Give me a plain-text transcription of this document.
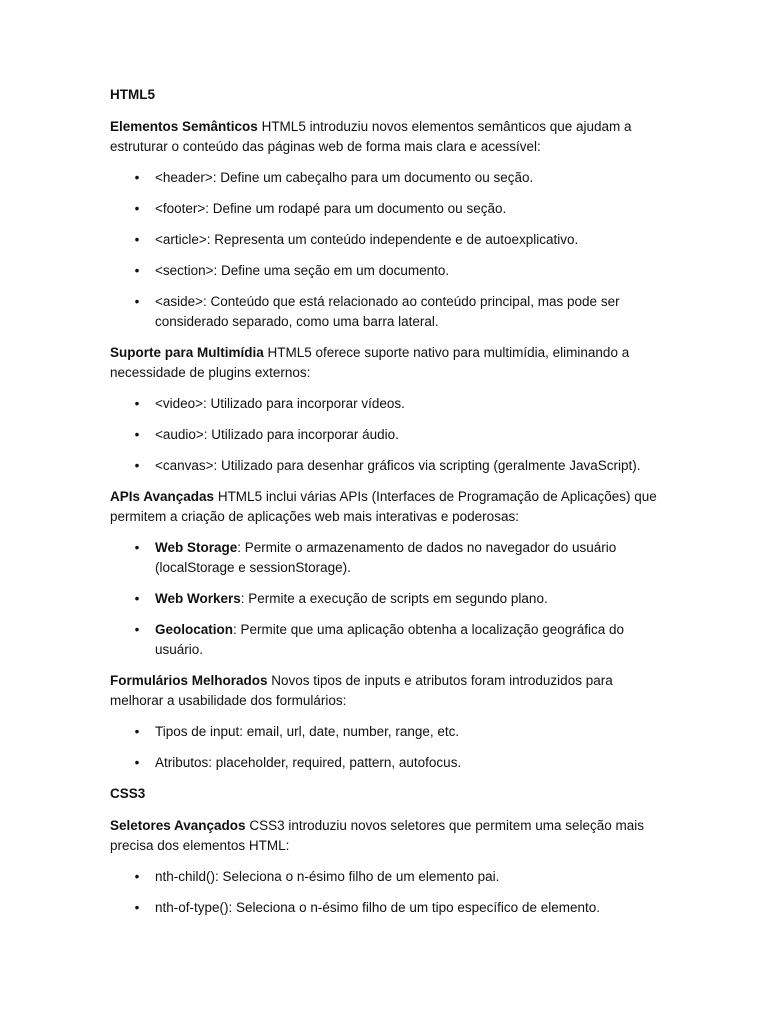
HTML5

Elementos Semânticos HTML5 introduziu novos elementos semânticos que ajudam a estruturar o conteúdo das páginas web de forma mais clara e acessível:

• <header>: Define um cabeçalho para um documento ou seção.
• <footer>: Define um rodapé para um documento ou seção.
• <article>: Representa um conteúdo independente e de autoexplicativo.
• <section>: Define uma seção em um documento.
• <aside>: Conteúdo que está relacionado ao conteúdo principal, mas pode ser considerado separado, como uma barra lateral.

Suporte para Multimídia HTML5 oferece suporte nativo para multimídia, eliminando a necessidade de plugins externos:

• <video>: Utilizado para incorporar vídeos.
• <audio>: Utilizado para incorporar áudio.
• <canvas>: Utilizado para desenhar gráficos via scripting (geralmente JavaScript).

APIs Avançadas HTML5 inclui várias APIs (Interfaces de Programação de Aplicações) que permitem a criação de aplicações web mais interativas e poderosas:

• Web Storage: Permite o armazenamento de dados no navegador do usuário (localStorage e sessionStorage).
• Web Workers: Permite a execução de scripts em segundo plano.
• Geolocation: Permite que uma aplicação obtenha a localização geográfica do usuário.

Formulários Melhorados Novos tipos de inputs e atributos foram introduzidos para melhorar a usabilidade dos formulários:

• Tipos de input: email, url, date, number, range, etc.
• Atributos: placeholder, required, pattern, autofocus.

CSS3

Seletores Avançados CSS3 introduziu novos seletores que permitem uma seleção mais precisa dos elementos HTML:

• nth-child(): Seleciona o n-ésimo filho de um elemento pai.
• nth-of-type(): Seleciona o n-ésimo filho de um tipo específico de elemento.
